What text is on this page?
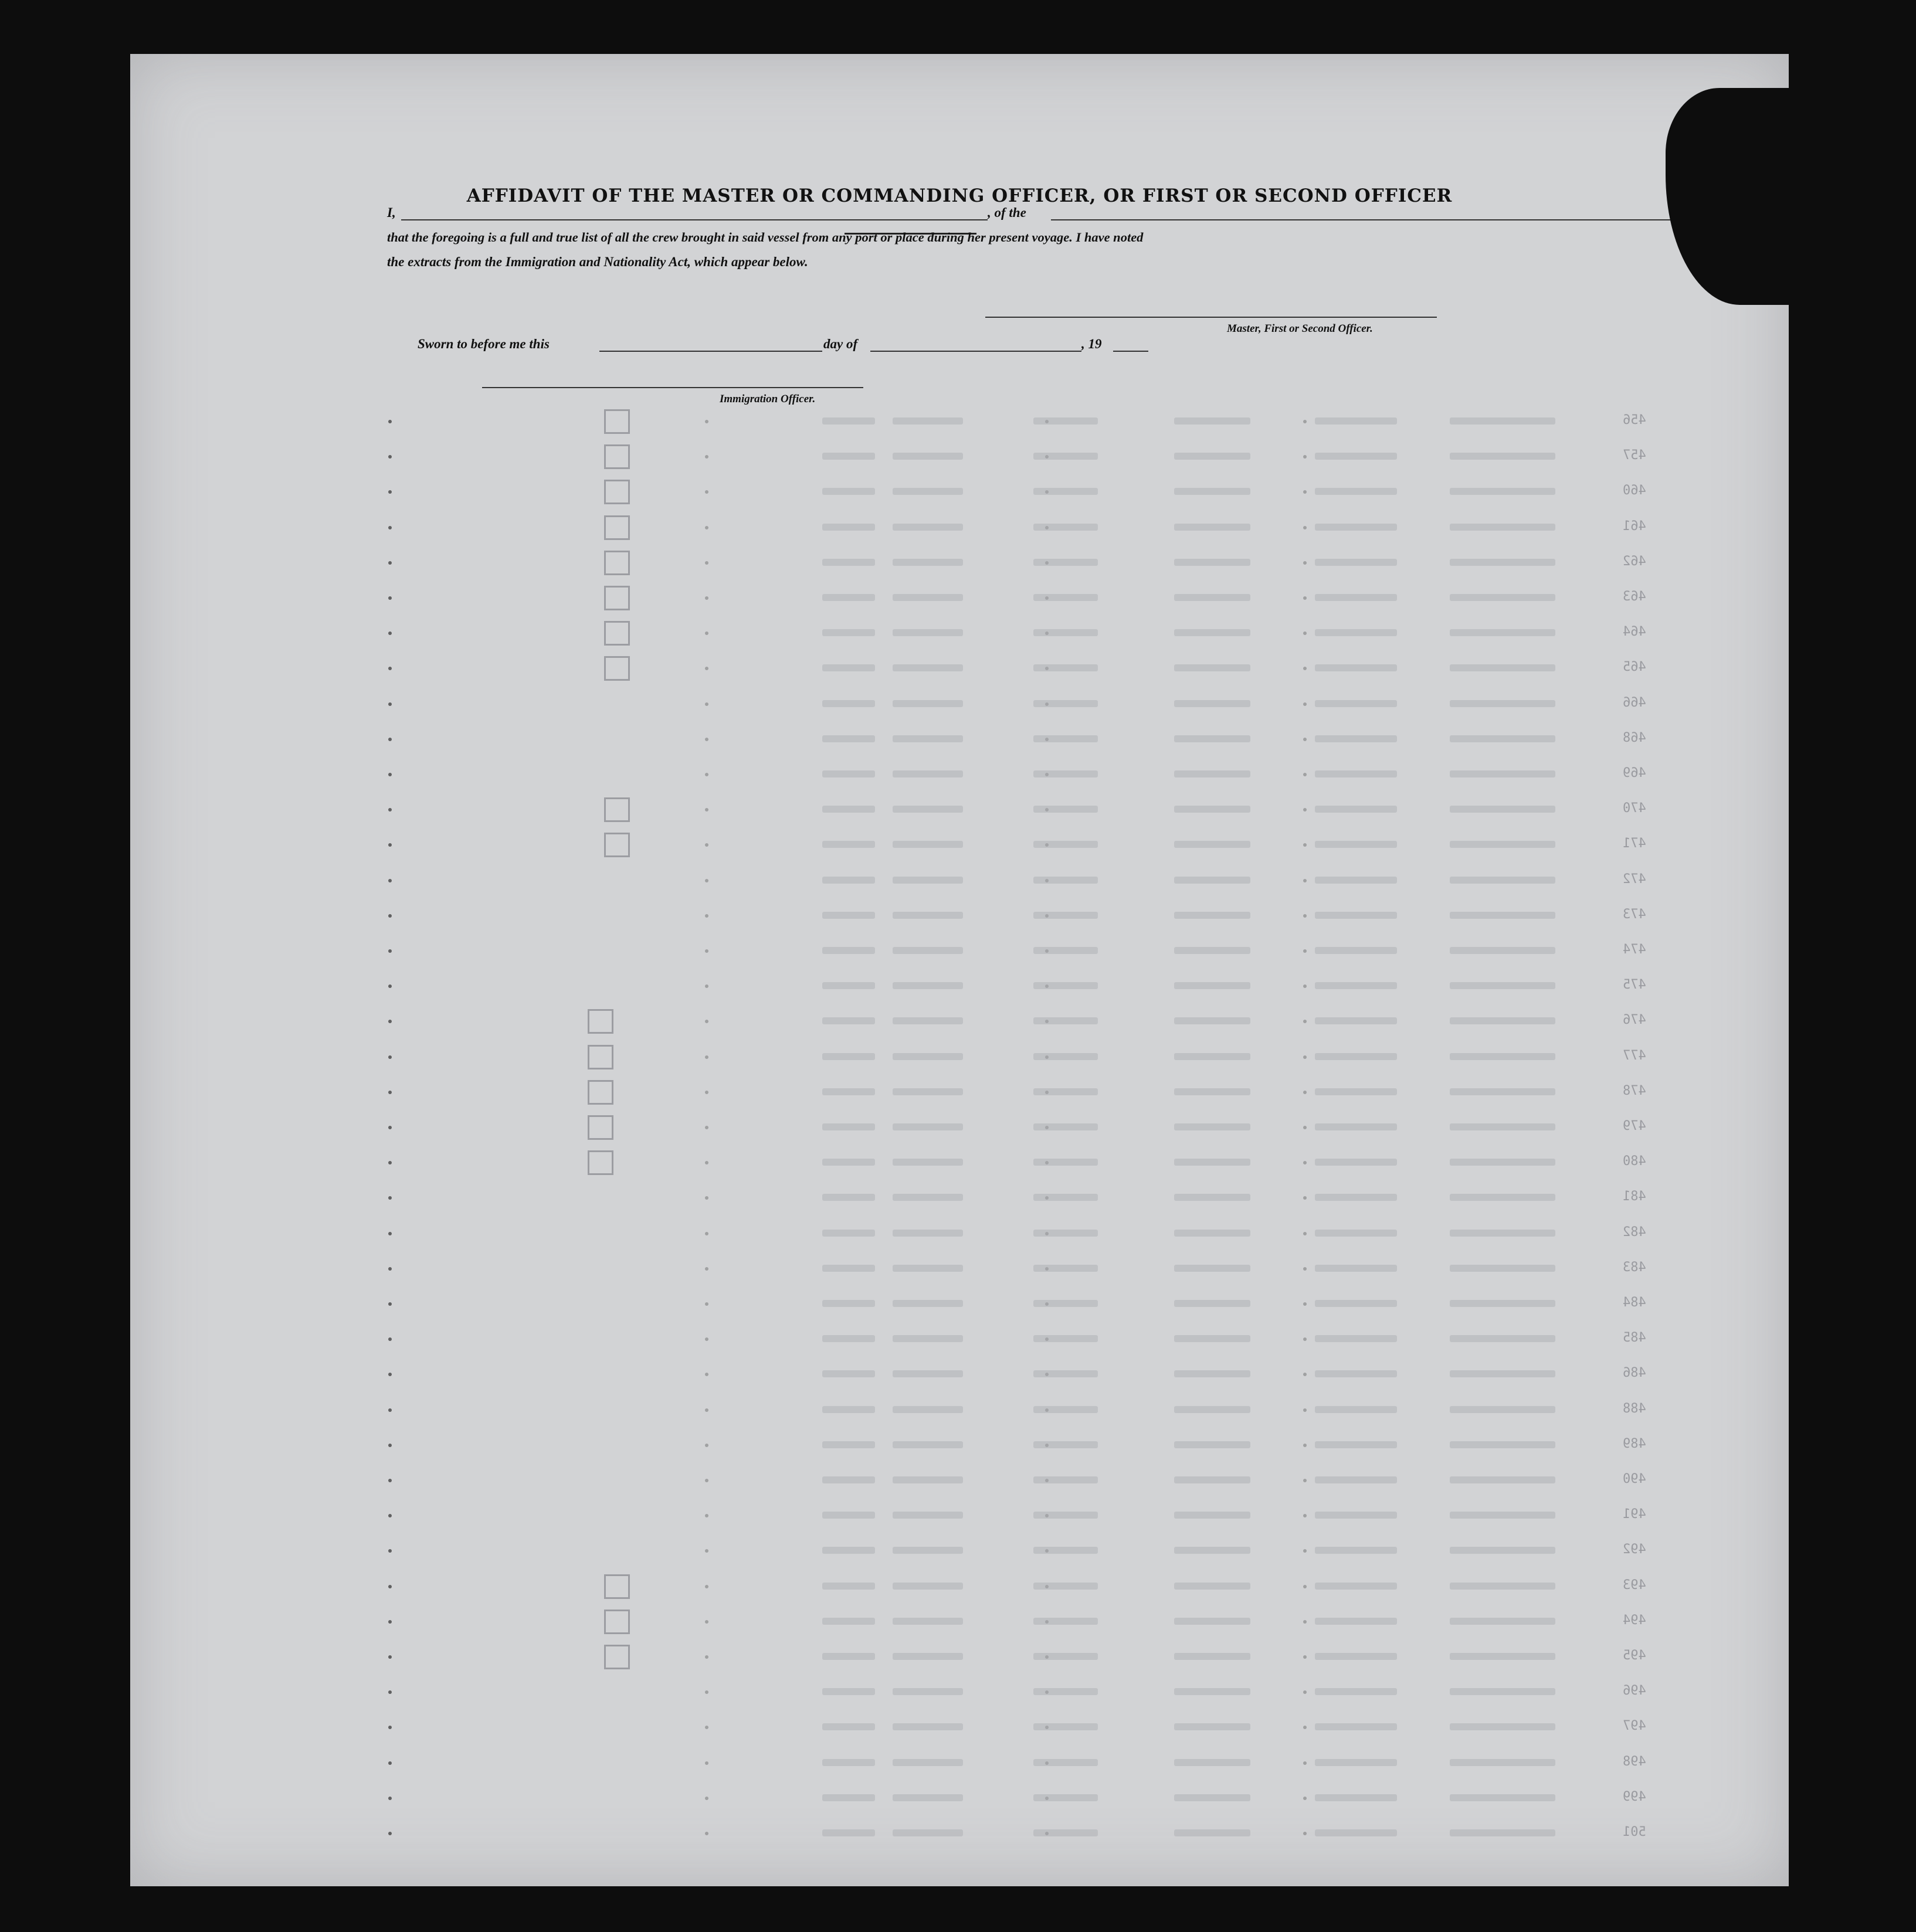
456
457
460
461
462
463
464
465
466
468
469
470
471
472
473
474
475
476
477
478
479
480
481
482
483
484
485
486
488
489
490
491
492
493
494
495
496
497
498
499
501
AFFIDAVIT OF THE MASTER OR COMMANDING OFFICER, OR FIRST OR SECOND OFFICER
I,	, of the
that the foregoing is a full and true list of all the crew brought in said vessel from any port or place during her present voyage. I have noted
the extracts from the Immigration and Nationality Act, which appear below.
Master, First or Second Officer.
Sworn to before me this	day of	, 19
Immigration Officer.
